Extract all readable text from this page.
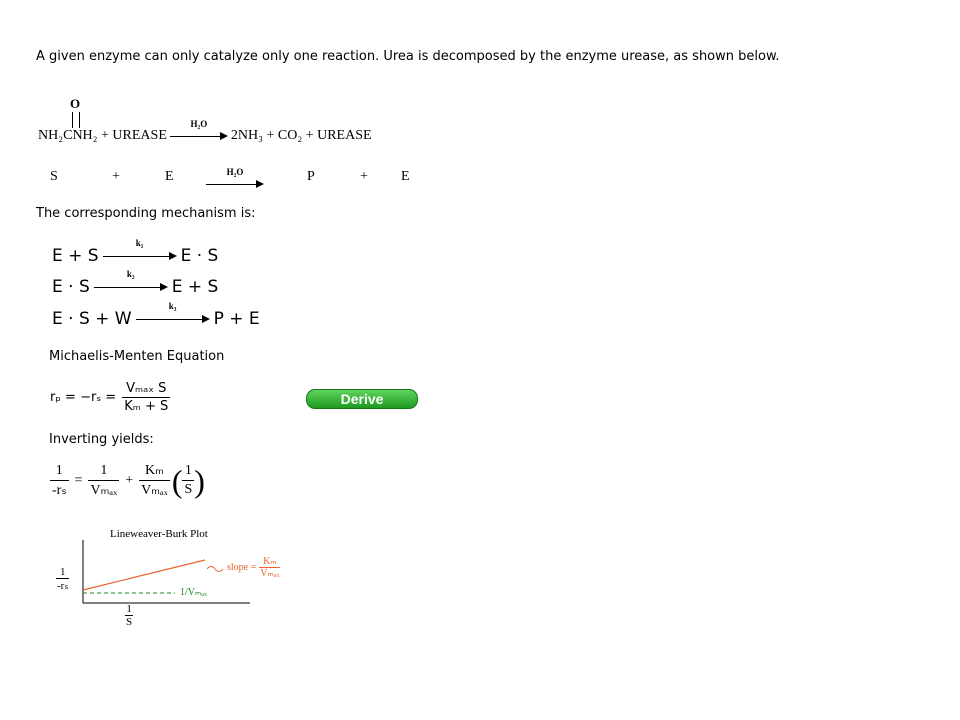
A given enzyme can only catalyze only one reaction. Urea is decomposed by the enzyme urease, as shown below.
O
NH₂CNH₂ + UREASE
H₂O
2NH₃ + CO₂ + UREASE
S	+	E	H₂O	P	+ E
The corresponding mechanism is:
E + S
k₁
E · S
E · S
k₂
E + S
E · S + W
k₃
P + E
Michaelis-Menten Equation
$r_p = -r_s = \frac{\text{Vₘₐₓ S}}{\text{Kₘ + S}}$	Derive
Inverting yields:
$\frac{1}{\text{-rₛ}} = \frac{1}{\text{Vₘₐₓ}} + \frac{\text{Kₘ}}{\text{Vₘₐₓ}}$ ( $\frac{1}{S}$ )
Lineweaver-Burk Plot
$\frac{1}{\text{-rₛ}}$
$\frac{1}{S}$
slope = $\frac{\text{Kₘ}}{\text{Vₘₐₓ}}$
1/Vₘₐₓ
